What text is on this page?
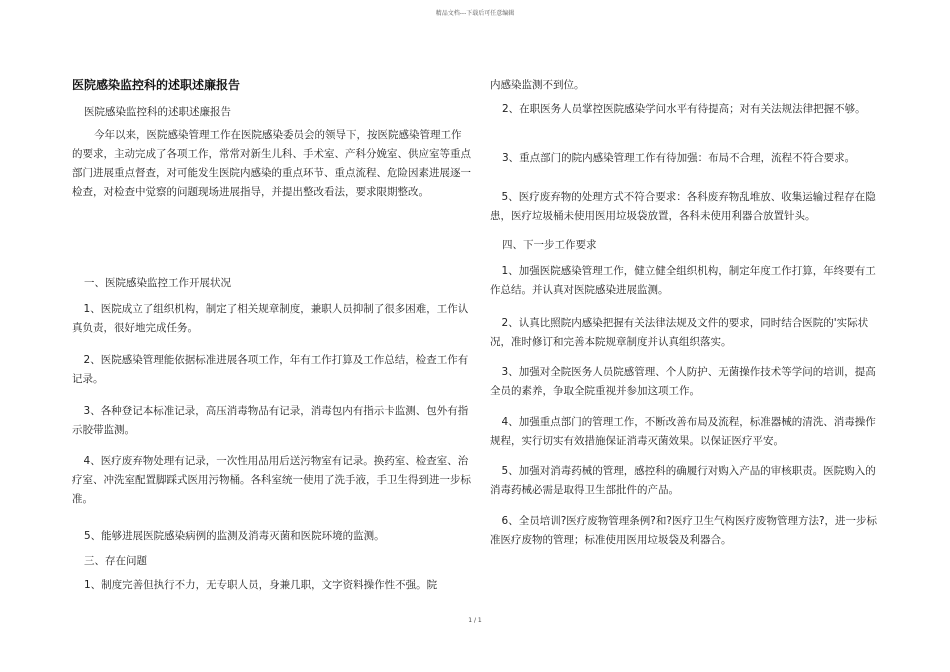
精品文档---下载后可任意编辑
医院感染监控科的述职述廉报告

医院感染监控科的述职述廉报告

今年以来，医院感染管理工作在医院感染委员会的领导下，按医院感染管理工作的要求，主动完成了各项工作，常常对新生儿科、手术室、产科分娩室、供应室等重点部门进展重点督查，对可能发生医院内感染的重点环节、重点流程、危险因素进展逐一检查，对检查中觉察的问题现场进展指导，并提出整改看法，要求限期整改。

一、医院感染监控工作开展状况

1、医院成立了组织机构，制定了相关规章制度，兼职人员抑制了很多困难，工作认真负责，很好地完成任务。

2、医院感染管理能依据标准进展各项工作，年有工作打算及工作总结，检查工作有记录。

3、各种登记本标准记录，高压消毒物品有记录，消毒包内有指示卡监测、包外有指示胶带监测。

4、医疗废弃物处理有记录，一次性用品用后送污物室有记录。换药室、检查室、治疗室、冲洗室配置脚踩式医用污物桶。各科室统一使用了洗手液，手卫生得到进一步标准。

5、能够进展医院感染病例的监测及消毒灭菌和医院环境的监测。

三、存在问题

1、制度完善但执行不力，无专职人员，身兼几职，文字资料操作性不强。院

内感染监测不到位。

2、在职医务人员掌控医院感染学问水平有待提高；对有关法规法律把握不够。

3、重点部门的院内感染管理工作有待加强：布局不合理，流程不符合要求。

5、医疗废弃物的处理方式不符合要求：各科废弃物乱堆放、收集运输过程存在隐患，医疗垃圾桶未使用医用垃圾袋放置，各科未使用利器合放置针头。

四、下一步工作要求

1、加强医院感染管理工作，健立健全组织机构，制定年度工作打算，年终要有工作总结。并认真对医院感染进展监测。

2、认真比照院内感染把握有关法律法规及文件的要求，同时结合医院的'实际状况，准时修订和完善本院规章制度并认真组织落实。

3、加强对全院医务人员院感管理、个人防护、无菌操作技术等学问的培训，提高全员的素养，争取全院重视并参加这项工作。

4、加强重点部门的管理工作，不断改善布局及流程，标准器械的清洗、消毒操作规程，实行切实有效措施保证消毒灭菌效果。以保证医疗平安。

5、加强对消毒药械的管理，感控科的确履行对购入产品的审核职责。医院购入的消毒药械必需是取得卫生部批件的产品。

6、全员培训?医疗废物管理条例?和?医疗卫生气构医疗废物管理方法?，进一步标准医疗废物的管理；标准使用医用垃圾袋及利器合。

1 / 1
